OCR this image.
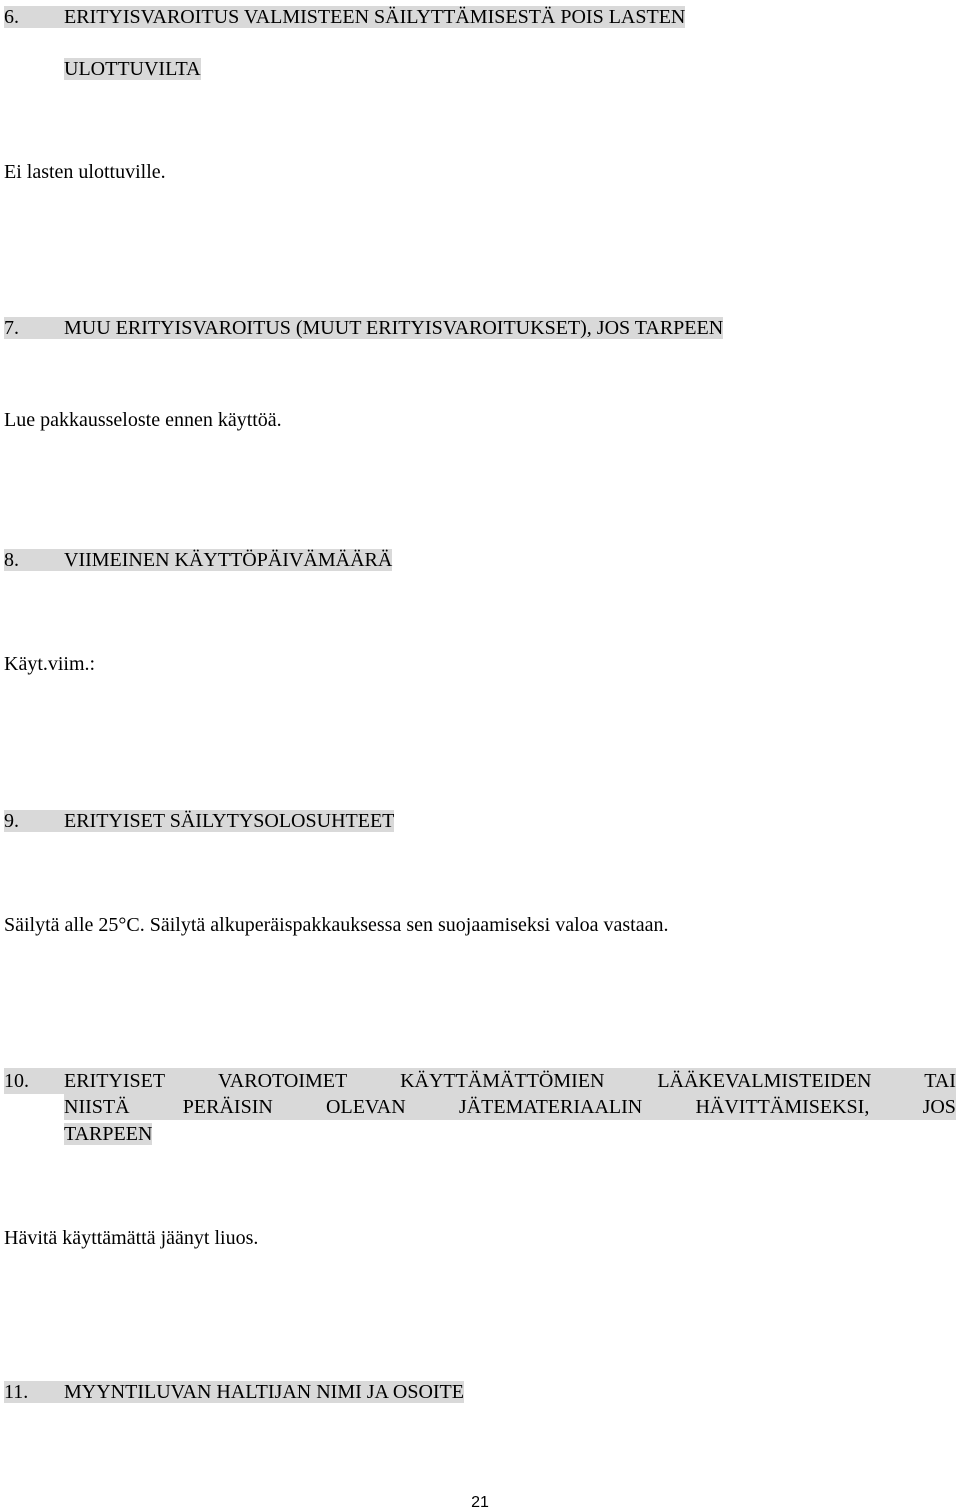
6. ERITYISVAROITUS VALMISTEEN SÄILYTTÄMISESTÄ POIS LASTEN
ULOTTUVILTA
Ei lasten ulottuville.
7. MUU ERITYISVAROITUS (MUUT ERITYISVAROITUKSET), JOS TARPEEN
Lue pakkausseloste ennen käyttöä.
8. VIIMEINEN KÄYTTÖPÄIVÄMÄÄRÄ
Käyt.viim.:
9. ERITYISET SÄILYTYSOLOSUHTEET
Säilytä alle 25°C. Säilytä alkuperäispakkauksessa sen suojaamiseksi valoa vastaan.
10.	ERITYISET	VAROTOIMET	KÄYTTÄMÄTTÖMIEN	LÄÄKEVALMISTEIDEN	TAI
NIISTÄ	PERÄISIN	OLEVAN	JÄTEMATERIAALIN	HÄVITTÄMISEKSI,	JOS
TARPEEN
Hävitä käyttämättä jäänyt liuos.
11. MYYNTILUVAN HALTIJAN NIMI JA OSOITE
21
